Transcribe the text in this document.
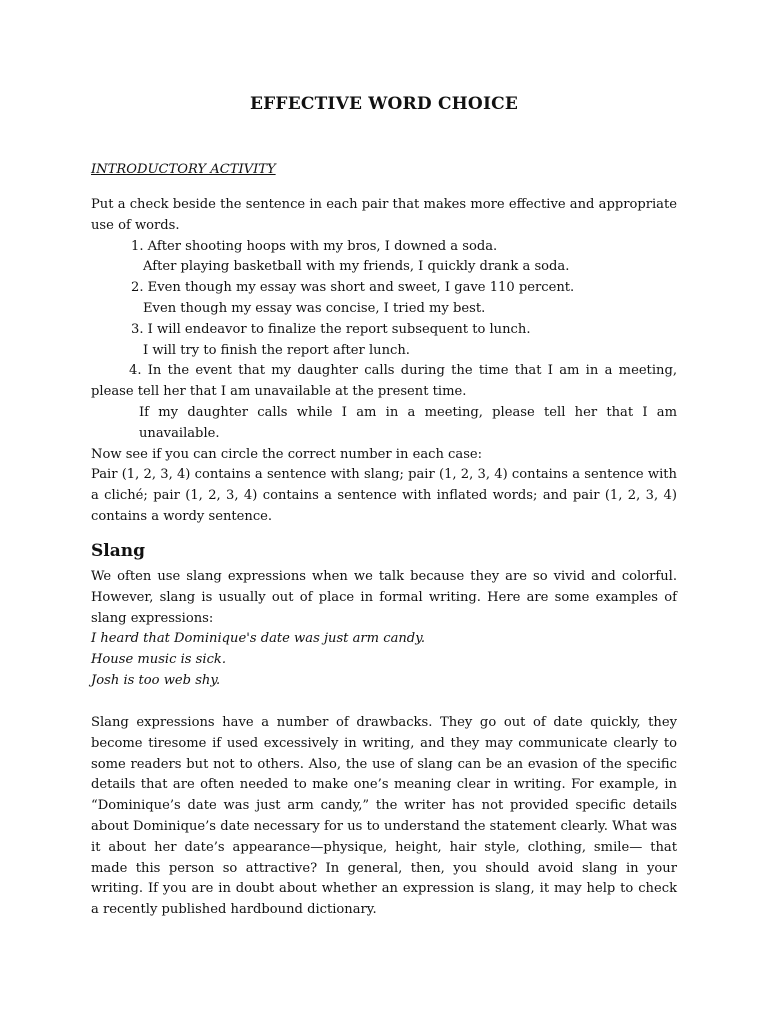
EFFECTIVE WORD CHOICE
INTRODUCTORY ACTIVITY
Put a check beside the sentence in each pair that makes more effective and appropriate use of words.
1. After shooting hoops with my bros, I downed a soda.
After playing basketball with my friends, I quickly drank a soda.
2. Even though my essay was short and sweet, I gave 110 percent.
Even though my essay was concise, I tried my best.
3. I will endeavor to finalize the report subsequent to lunch.
I will try to finish the report after lunch.
4. In the event that my daughter calls during the time that I am in a meeting, please tell her that I am unavailable at the present time.
If my daughter calls while I am in a meeting, please tell her that I am unavailable.
Now see if you can circle the correct number in each case:
Pair (1, 2, 3, 4) contains a sentence with slang; pair (1, 2, 3, 4) contains a sentence with a cliché; pair (1, 2, 3, 4) contains a sentence with inflated words; and pair (1, 2, 3, 4) contains a wordy sentence.
Slang
We often use slang expressions when we talk because they are so vivid and colorful. However, slang is usually out of place in formal writing. Here are some examples of slang expressions:
I heard that Dominique's date was just arm candy.
House music is sick.
Josh is too web shy.
Slang expressions have a number of drawbacks. They go out of date quickly, they become tiresome if used excessively in writing, and they may communicate clearly to some readers but not to others. Also, the use of slang can be an evasion of the specific details that are often needed to make one’s meaning clear in writing. For example, in “Dominique’s date was just arm candy,” the writer has not provided specific details about Dominique’s date necessary for us to understand the statement clearly. What was it about her date’s appearance—physique, height, hair style, clothing, smile— that made this person so attractive? In general, then, you should avoid slang in your writing. If you are in doubt about whether an expression is slang, it may help to check a recently published hardbound dictionary.
